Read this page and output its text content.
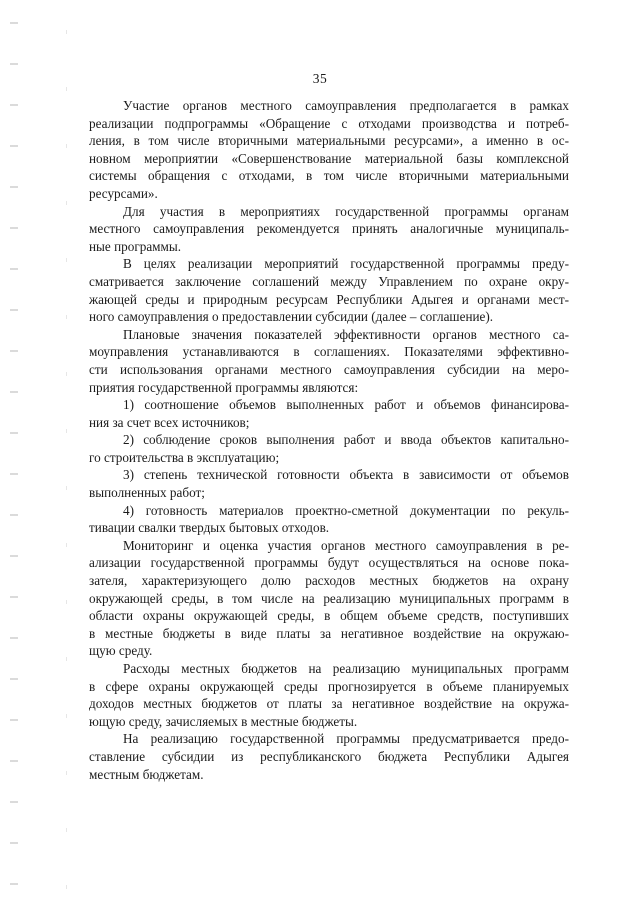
35
Участие органов местного самоуправления предполагается в рамках
реализации подпрограммы «Обращение с отходами производства и потреб-
ления, в том числе вторичными материальными ресурсами», а именно в ос-
новном мероприятии «Совершенствование материальной базы комплексной
системы обращения с отходами, в том числе вторичными материальными
ресурсами».
Для участия в мероприятиях государственной программы органам
местного самоуправления рекомендуется принять аналогичные муниципаль-
ные программы.
В целях реализации мероприятий государственной программы преду-
сматривается заключение соглашений между Управлением по охране окру-
жающей среды и природным ресурсам Республики Адыгея и органами мест-
ного самоуправления о предоставлении субсидии (далее – соглашение).
Плановые значения показателей эффективности органов местного са-
моуправления устанавливаются в соглашениях. Показателями эффективно-
сти использования органами местного самоуправления субсидии на меро-
приятия государственной программы являются:
1) соотношение объемов выполненных работ и объемов финансирова-
ния за счет всех источников;
2) соблюдение сроков выполнения работ и ввода объектов капитально-
го строительства в эксплуатацию;
3) степень технической готовности объекта в зависимости от объемов
выполненных работ;
4) готовность материалов проектно-сметной документации по рекуль-
тивации свалки твердых бытовых отходов.
Мониторинг и оценка участия органов местного самоуправления в ре-
ализации государственной программы будут осуществляться на основе пока-
зателя, характеризующего долю расходов местных бюджетов на охрану
окружающей среды, в том числе на реализацию муниципальных программ в
области охраны окружающей среды, в общем объеме средств, поступивших
в местные бюджеты в виде платы за негативное воздействие на окружаю-
щую среду.
Расходы местных бюджетов на реализацию муниципальных программ
в сфере охраны окружающей среды прогнозируется в объеме планируемых
доходов местных бюджетов от платы за негативное воздействие на окружа-
ющую среду, зачисляемых в местные бюджеты.
На реализацию государственной программы предусматривается предо-
ставление субсидии из республиканского бюджета Республики Адыгея
местным бюджетам.
